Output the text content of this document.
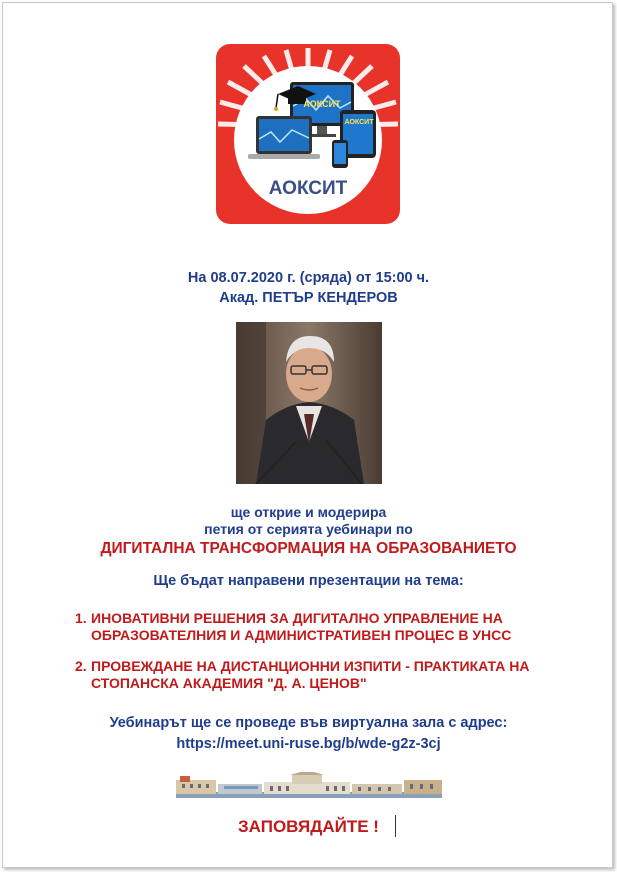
АОКСИТ
АОКСИТ
АОКСИТ
На 08.07.2020 г. (сряда) от 15:00 ч.
Акад. ПЕТЪР КЕНДЕРОВ
ще открие и модерира
петия от серията уебинари по
ДИГИТАЛНА ТРАНСФОРМАЦИЯ НА ОБРАЗОВАНИЕТО
Ще бъдат направени презентации на тема:
1. ИНОВАТИВНИ РЕШЕНИЯ ЗА ДИГИТАЛНО УПРАВЛЕНИЕ НА
ОБРАЗОВАТЕЛНИЯ И АДМИНИСТРАТИВЕН ПРОЦЕС В УНСС
2. ПРОВЕЖДАНЕ НА ДИСТАНЦИОННИ ИЗПИТИ - ПРАКТИКАТА НА
СТОПАНСКА АКАДЕМИЯ "Д. А. ЦЕНОВ"
Уебинарът ще се проведе във виртуална зала с адрес:
https://meet.uni-ruse.bg/b/wde-g2z-3cj
ЗАПОВЯДАЙТЕ !
